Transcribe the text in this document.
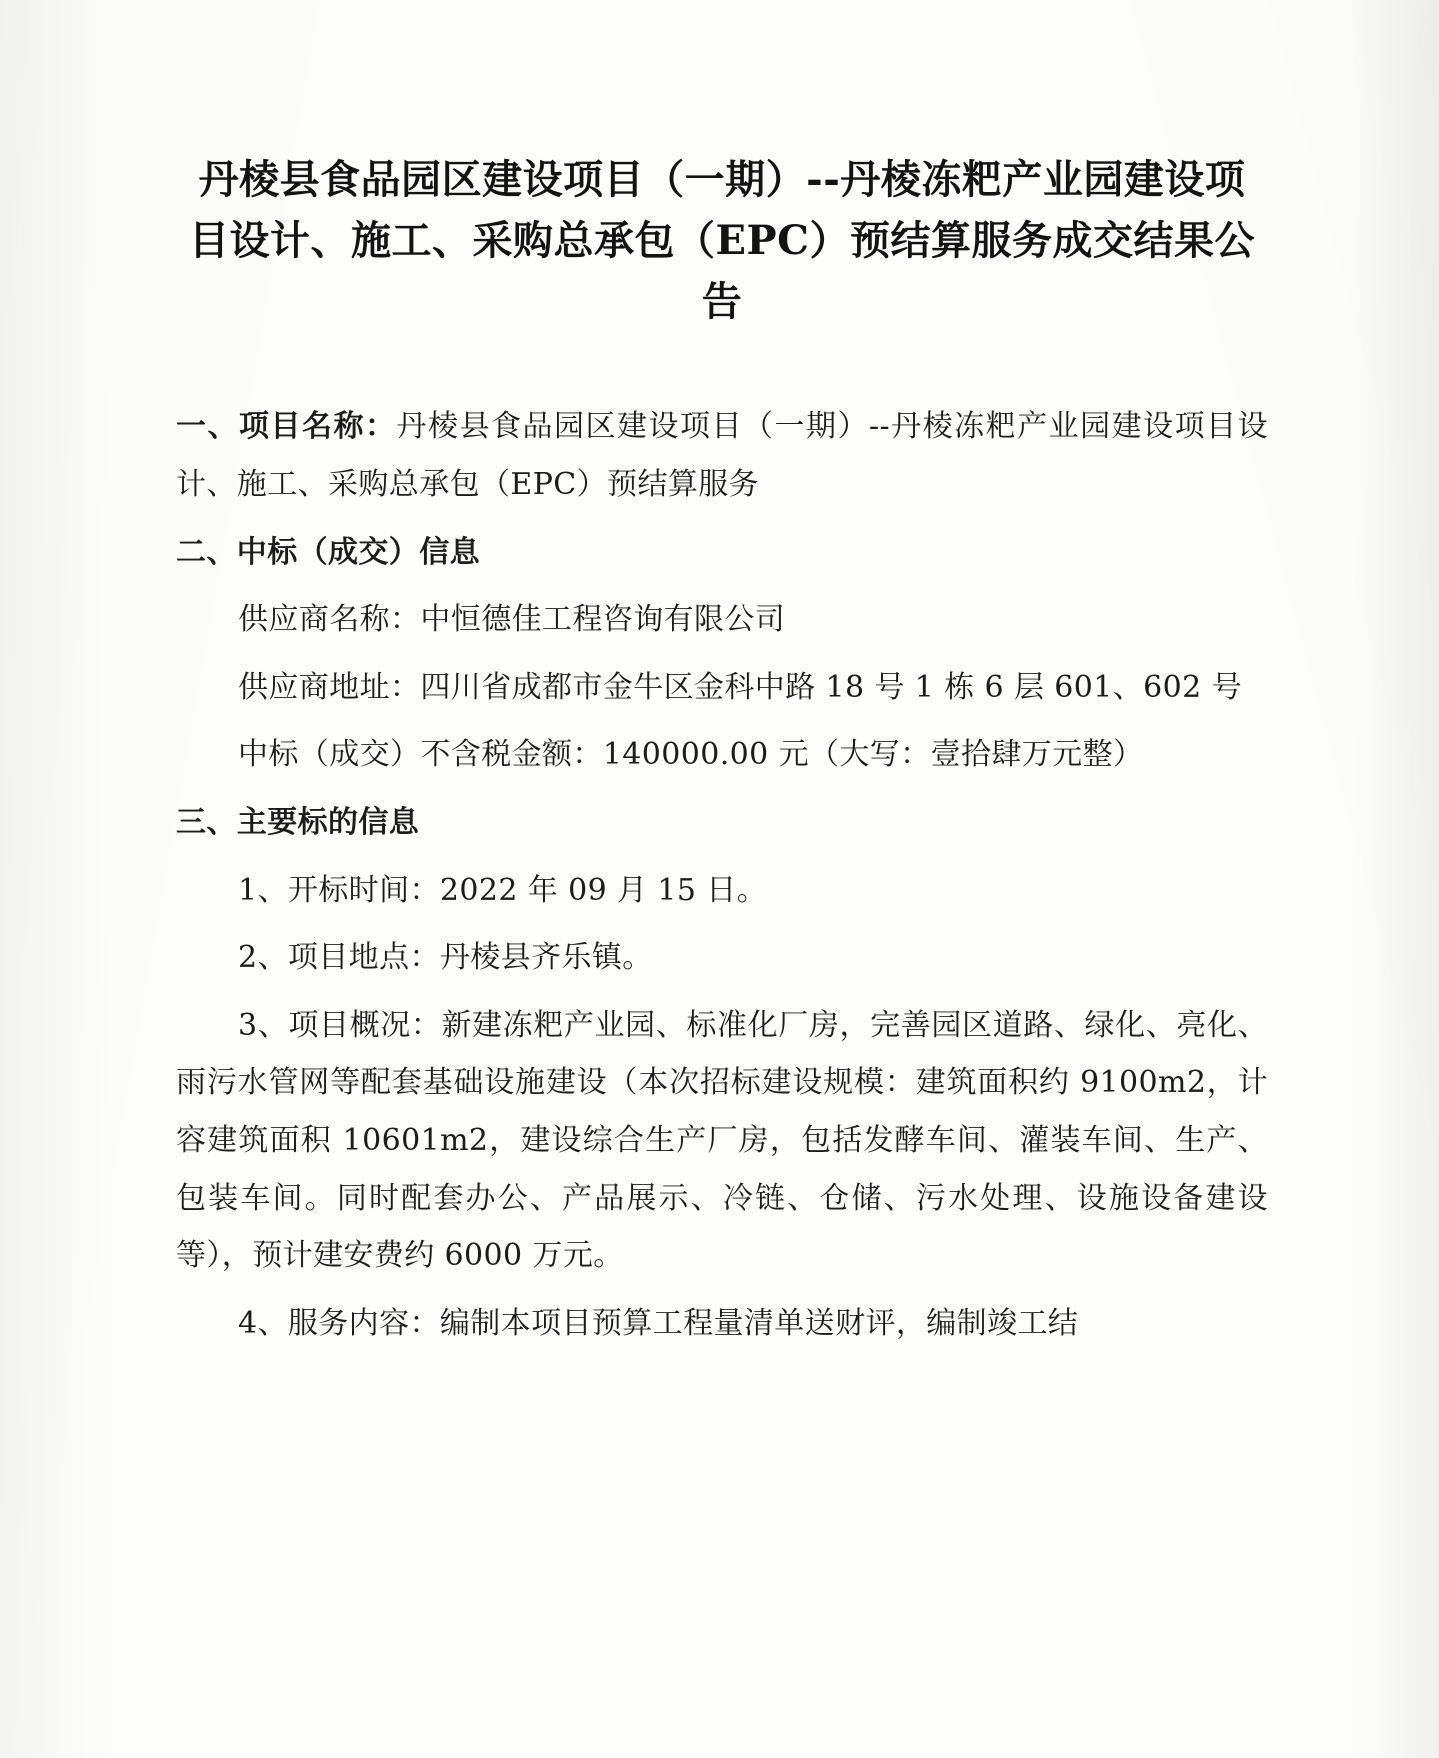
丹棱县食品园区建设项目（一期）--丹棱冻粑产业园建设项目设计、施工、采购总承包（EPC）预结算服务成交结果公告

一、项目名称：丹棱县食品园区建设项目（一期）--丹棱冻粑产业园建设项目设计、施工、采购总承包（EPC）预结算服务

二、中标（成交）信息

供应商名称：中恒德佳工程咨询有限公司

供应商地址：四川省成都市金牛区金科中路 18 号 1 栋 6 层 601、602 号

中标（成交）不含税金额：140000.00 元（大写：壹拾肆万元整）

三、主要标的信息

1、开标时间：2022 年 09 月 15 日。

2、项目地点：丹棱县齐乐镇。

3、项目概况：新建冻粑产业园、标准化厂房，完善园区道路、绿化、亮化、雨污水管网等配套基础设施建设（本次招标建设规模：建筑面积约 9100m2，计容建筑面积 10601m2，建设综合生产厂房，包括发酵车间、灌装车间、生产、包装车间。同时配套办公、产品展示、冷链、仓储、污水处理、设施设备建设等），预计建安费约 6000 万元。

4、服务内容：编制本项目预算工程量清单送财评，编制竣工结
